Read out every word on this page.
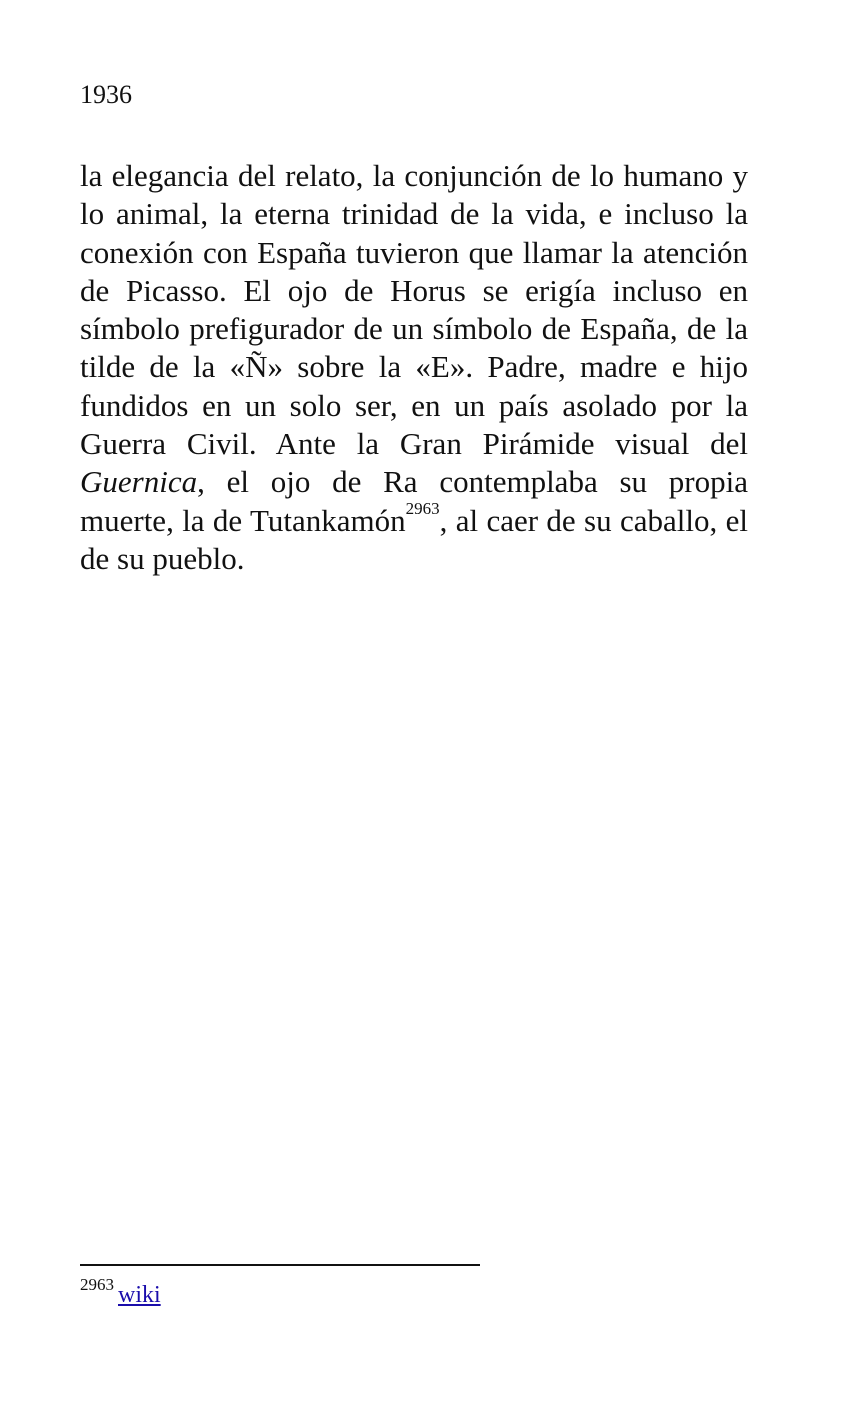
1936

la elegancia del relato, la conjunción de lo humano y lo animal, la eterna trinidad de la vida, e incluso la conexión con España tuvieron que llamar la atención de Picasso. El ojo de Horus se erigía incluso en símbolo prefigurador de un símbolo de España, de la tilde de la «Ñ» sobre la «E». Padre, madre e hijo fundidos en un solo ser, en un país asolado por la Guerra Civil. Ante la Gran Pirámide visual del Guernica, el ojo de Ra contemplaba su propia muerte, la de Tutankamón$^{2963}$, al caer de su caballo, el de su pueblo.

$^{2963}$ wiki
